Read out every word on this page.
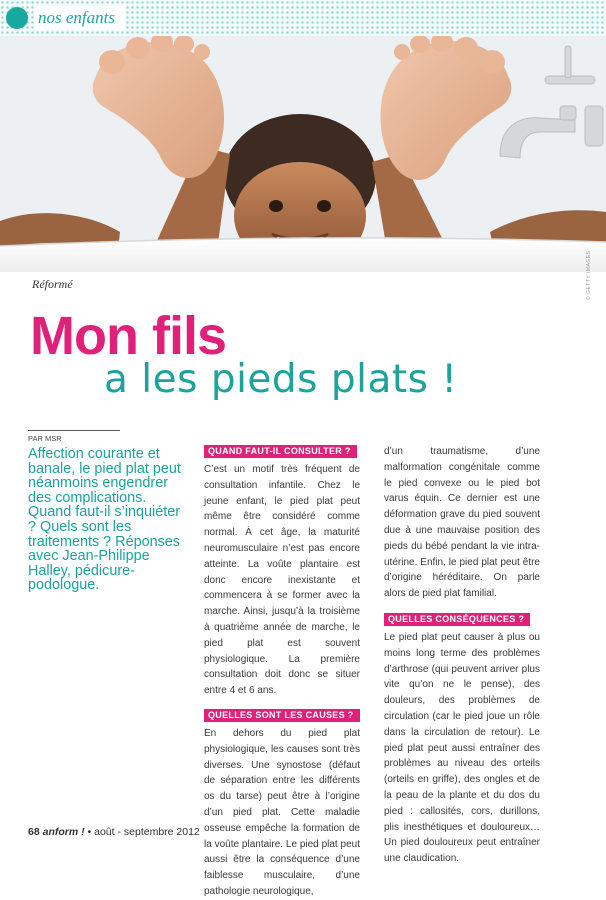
nos enfants
Réformé	© GETTY IMAGES
Mon fils
a les pieds plats !
PAR MSR
Affection courante et banale, le pied plat peut néanmoins engendrer des complications. Quand faut-il s’inquiéter ? Quels sont les traitements ? Réponses avec Jean-Philippe Halley, pédicure-podologue.
QUAND FAUT-IL CONSULTER ?

C’est un motif très fréquent de consultation infantile. Chez le jeune enfant, le pied plat peut même être considéré comme normal. À cet âge, la maturité neuromusculaire n’est pas encore atteinte. La voûte plantaire est donc encore inexistante et commencera à se former avec la marche. Ainsi, jusqu’à la troisième à quatrième année de marche, le pied plat est souvent physiologique. La première consultation doit donc se situer entre 4 et 6 ans.

QUELLES SONT LES CAUSES ?

En dehors du pied plat physiologique, les causes sont très diverses. Une synostose (défaut de séparation entre les différents os du tarse) peut être à l’origine d’un pied plat. Cette maladie osseuse empêche la formation de la voûte plantaire. Le pied plat peut aussi être la conséquence d’une faiblesse musculaire, d’une pathologie neurologique,

d’un traumatisme, d’une malformation congénitale comme le pied convexe ou le pied bot varus équin. Ce dernier est une déformation grave du pied souvent due à une mauvaise position des pieds du bébé pendant la vie intra-utérine. Enfin, le pied plat peut être d’origine héréditaire. On parle alors de pied plat familial.

QUELLES CONSÉQUENCES ?

Le pied plat peut causer à plus ou moins long terme des problèmes d’arthrose (qui peuvent arriver plus vite qu’on ne le pense), des douleurs, des problèmes de circulation (car le pied joue un rôle dans la circulation de retour). Le pied plat peut aussi entraîner des problèmes au niveau des orteils (orteils en griffe), des ongles et de la peau de la plante et du dos du pied : callosités, cors, durillons, plis inesthétiques et douloureux… Un pied douloureux peut entraîner une claudication.

68 anform ! • août - septembre 2012
